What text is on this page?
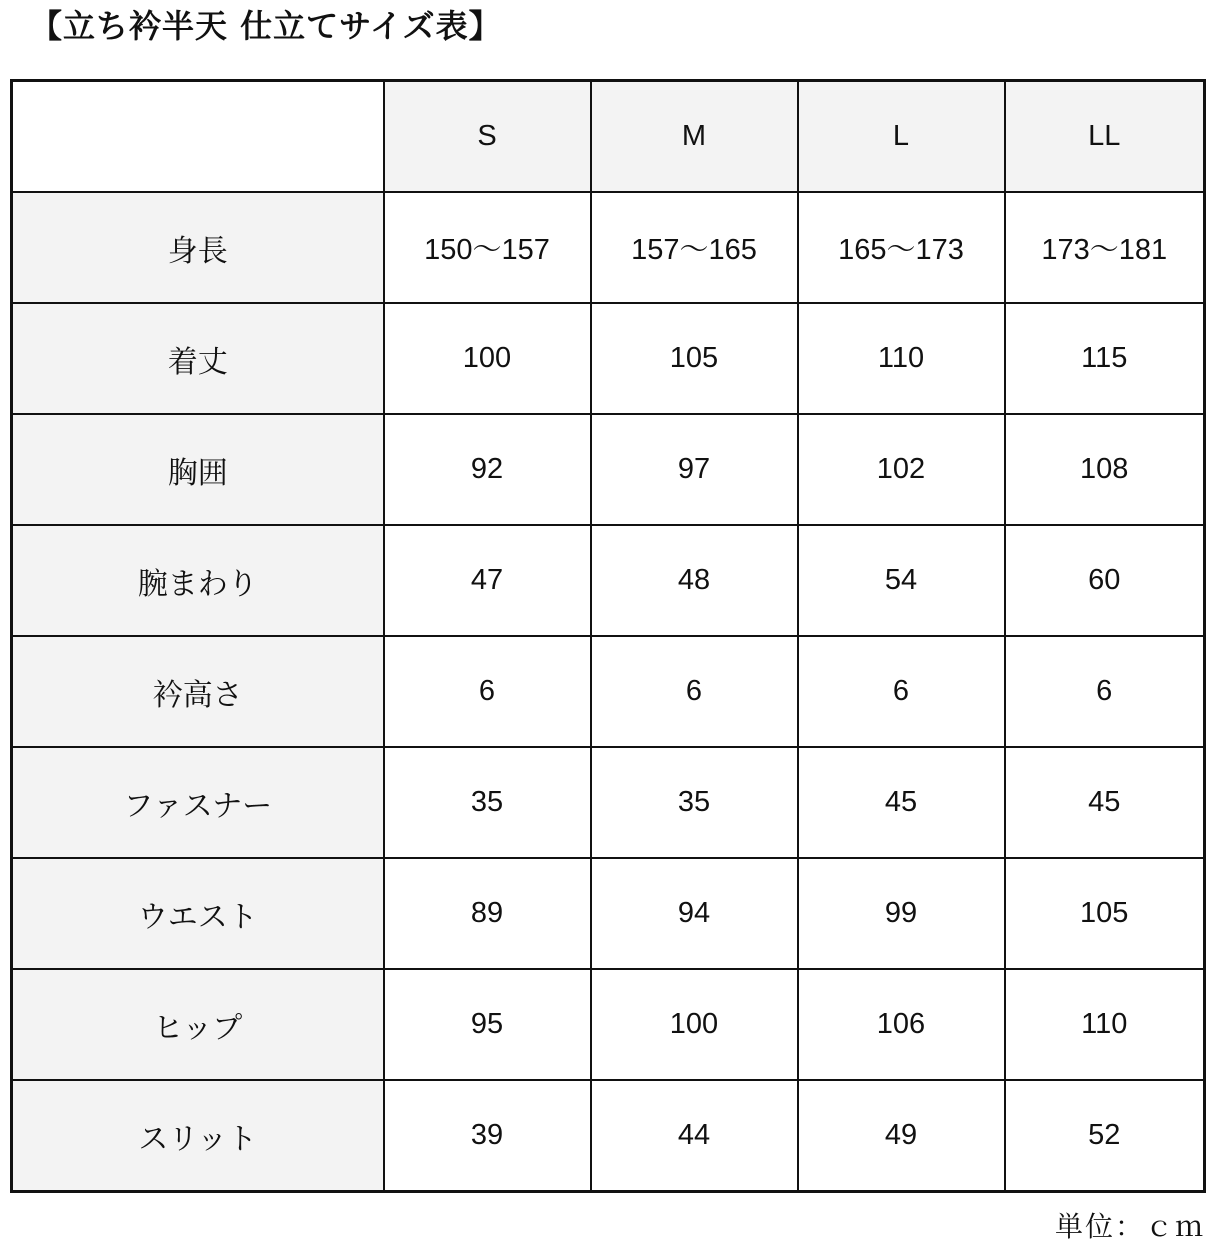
【立ち衿半天 仕立てサイズ表】
	S	M	L	LL
身長	150～157	157～165	165～173	173～181
着丈	100	105	110	115
胸囲	92	97	102	108
腕まわり	47	48	54	60
衿高さ	6	6	6	6
ファスナー	35	35	45	45
ウエスト	89	94	99	105
ヒップ	95	100	106	110
スリット	39	44	49	52
単位：ｃｍ
